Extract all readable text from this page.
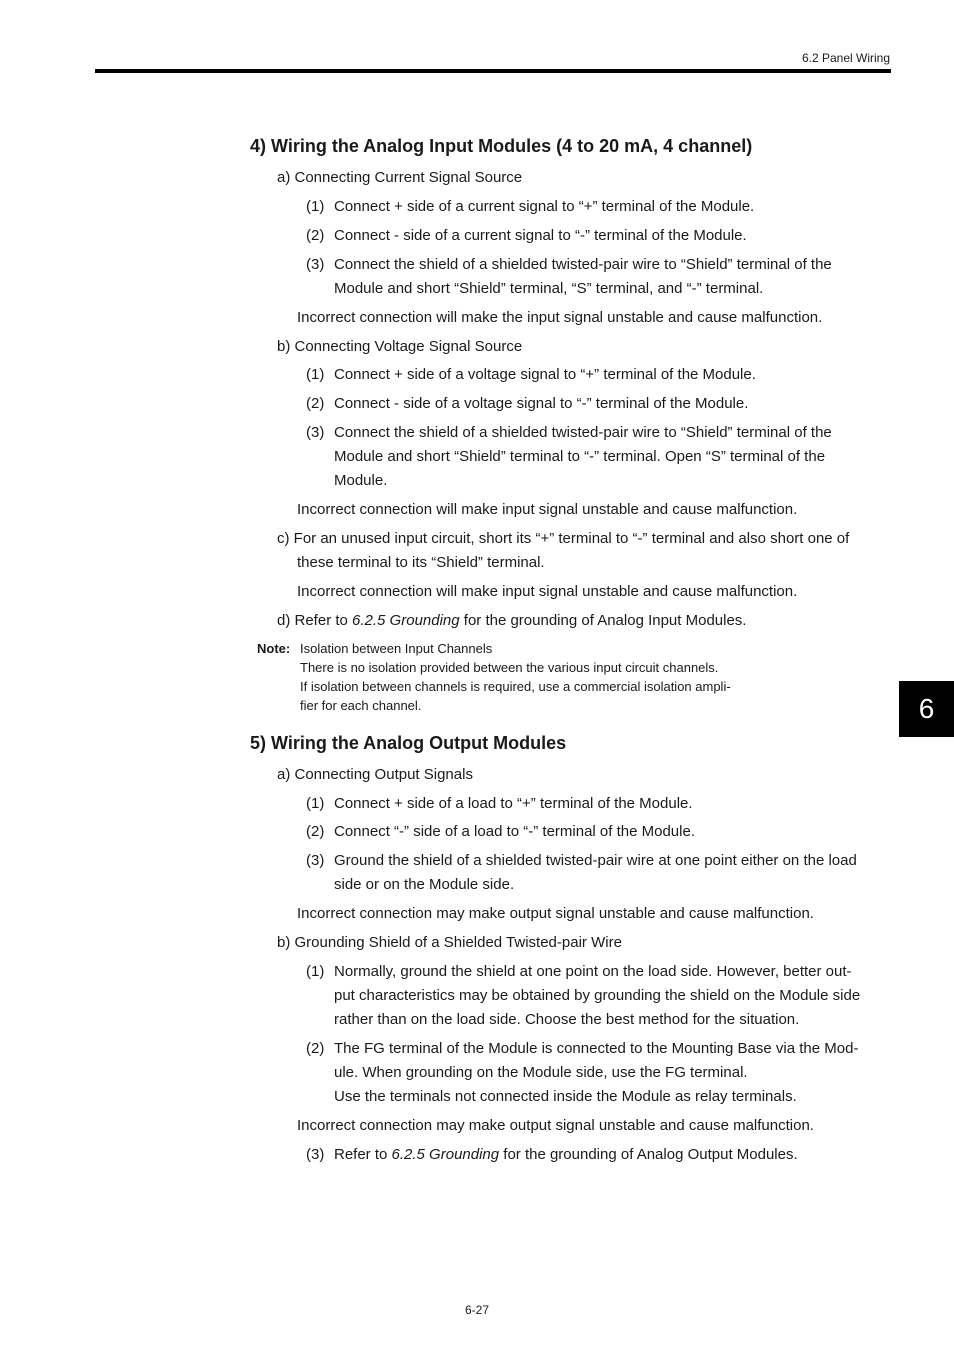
6.2 Panel Wiring
6
4) Wiring the Analog Input Modules (4 to 20 mA, 4 channel)
a) Connecting Current Signal Source
(1) Connect + side of a current signal to “+” terminal of the Module.
(2) Connect - side of a current signal to “-” terminal of the Module.
(3) Connect the shield of a shielded twisted-pair wire to “Shield” terminal of the
Module and short “Shield” terminal, “S” terminal, and “-” terminal.
Incorrect connection will make the input signal unstable and cause malfunction.
b) Connecting Voltage Signal Source
(1) Connect + side of a voltage signal to “+” terminal of the Module.
(2) Connect - side of a voltage signal to “-” terminal of the Module.
(3) Connect the shield of a shielded twisted-pair wire to “Shield” terminal of the
Module and short “Shield” terminal to “-” terminal. Open “S” terminal of the
Module.
Incorrect connection will make input signal unstable and cause malfunction.
c) For an unused input circuit, short its “+” terminal to “-” terminal and also short one of
these terminal to its “Shield” terminal.
Incorrect connection will make input signal unstable and cause malfunction.
d) Refer to 6.2.5 Grounding for the grounding of Analog Input Modules.
Note: Isolation between Input Channels
There is no isolation provided between the various input circuit channels.
If isolation between channels is required, use a commercial isolation ampli-
fier for each channel.
5) Wiring the Analog Output Modules
a) Connecting Output Signals
(1) Connect + side of a load to “+” terminal of the Module.
(2) Connect “-” side of a load to “-” terminal of the Module.
(3) Ground the shield of a shielded twisted-pair wire at one point either on the load
side or on the Module side.
Incorrect connection may make output signal unstable and cause malfunction.
b) Grounding Shield of a Shielded Twisted-pair Wire
(1) Normally, ground the shield at one point on the load side. However, better out-
put characteristics may be obtained by grounding the shield on the Module side
rather than on the load side. Choose the best method for the situation.
(2) The FG terminal of the Module is connected to the Mounting Base via the Mod-
ule. When grounding on the Module side, use the FG terminal.
Use the terminals not connected inside the Module as relay terminals.
Incorrect connection may make output signal unstable and cause malfunction.
(3) Refer to 6.2.5 Grounding for the grounding of Analog Output Modules.
6-27
